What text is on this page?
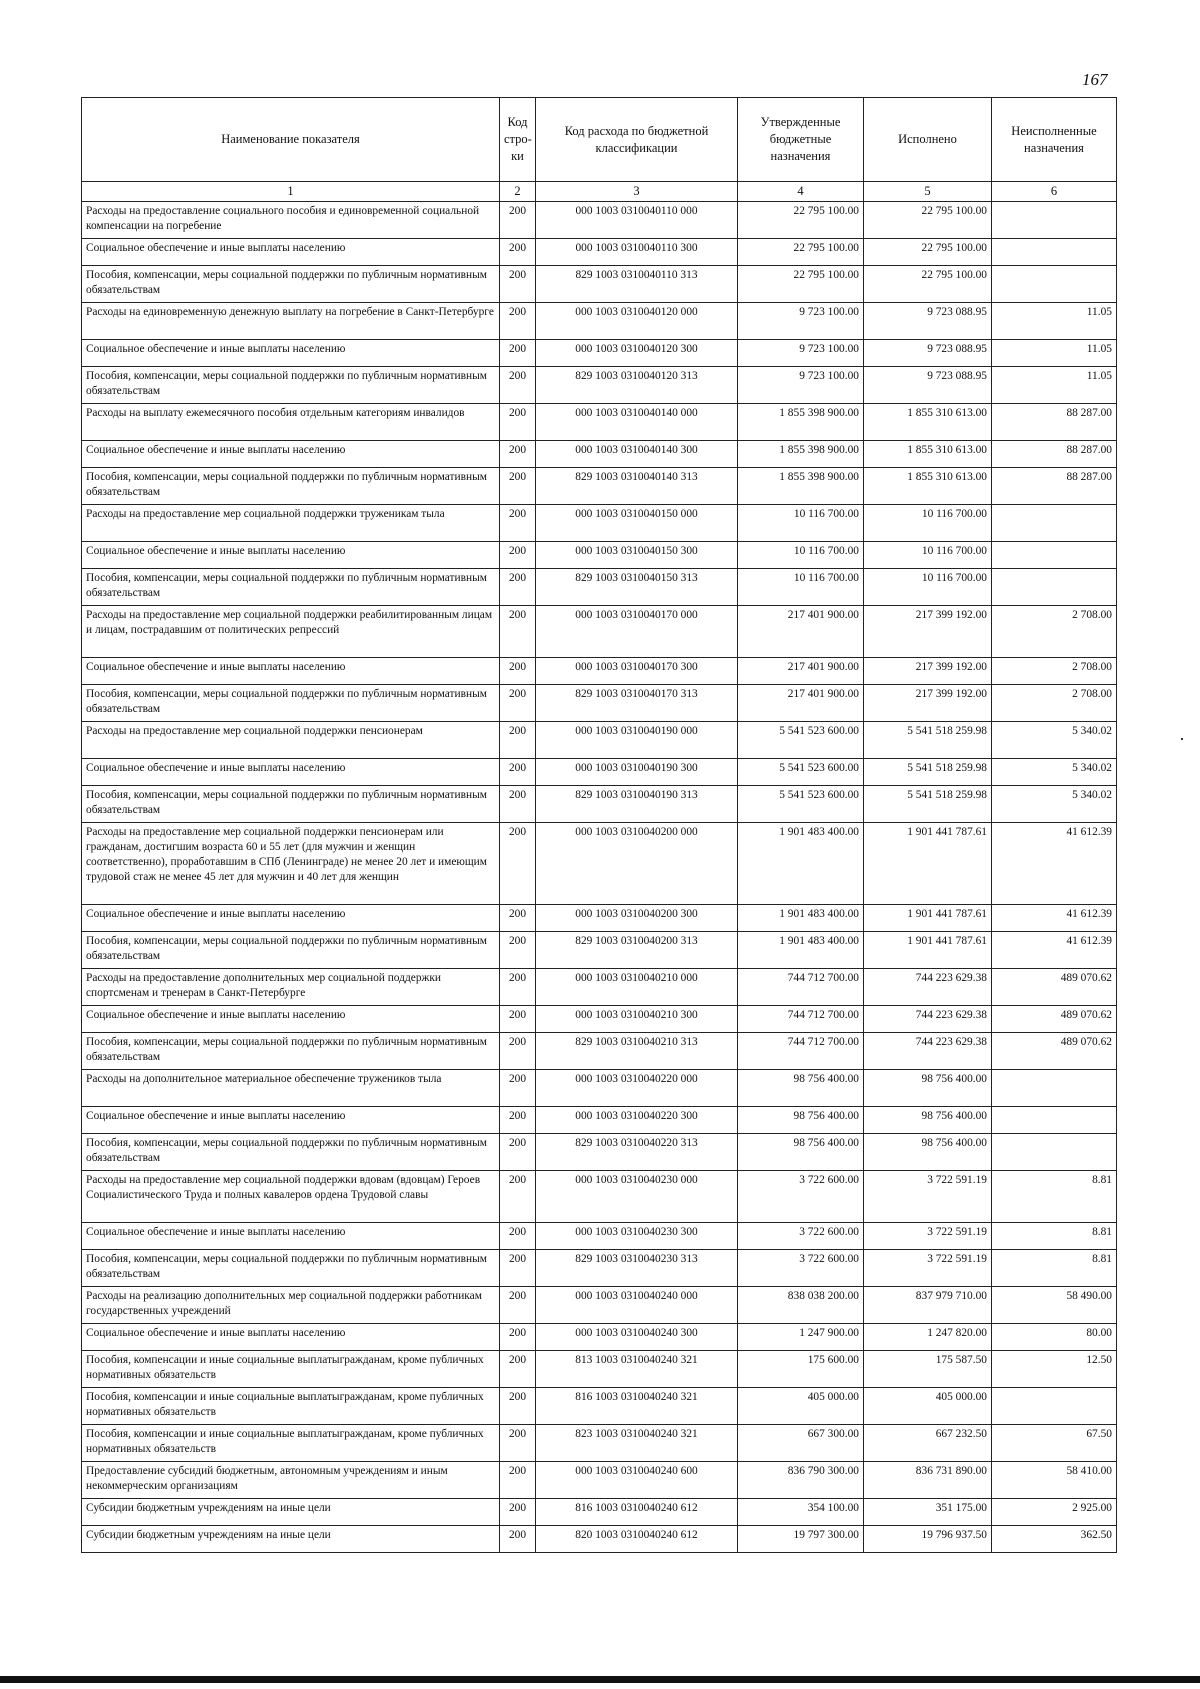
167
Наименование показателя	Код стро-ки	Код расхода по бюджетной классификации	Утвержденные бюджетные назначения	Исполнено	Неисполненные назначения
1	2	3	4	5	6
Расходы на предоставление социального пособия и единовременной социальной компенсации на погребение	200	000 1003 0310040110 000	22 795 100.00	22 795 100.00	
Социальное обеспечение и иные выплаты населению	200	000 1003 0310040110 300	22 795 100.00	22 795 100.00	
Пособия, компенсации, меры социальной поддержки по публичным нормативным обязательствам	200	829 1003 0310040110 313	22 795 100.00	22 795 100.00	
Расходы на единовременную денежную выплату на погребение в Санкт-Петербурге	200	000 1003 0310040120 000	9 723 100.00	9 723 088.95	11.05
Социальное обеспечение и иные выплаты населению	200	000 1003 0310040120 300	9 723 100.00	9 723 088.95	11.05
Пособия, компенсации, меры социальной поддержки по публичным нормативным обязательствам	200	829 1003 0310040120 313	9 723 100.00	9 723 088.95	11.05
Расходы на выплату ежемесячного пособия отдельным категориям инвалидов	200	000 1003 0310040140 000	1 855 398 900.00	1 855 310 613.00	88 287.00
Социальное обеспечение и иные выплаты населению	200	000 1003 0310040140 300	1 855 398 900.00	1 855 310 613.00	88 287.00
Пособия, компенсации, меры социальной поддержки по публичным нормативным обязательствам	200	829 1003 0310040140 313	1 855 398 900.00	1 855 310 613.00	88 287.00
Расходы на предоставление мер социальной поддержки труженикам тыла	200	000 1003 0310040150 000	10 116 700.00	10 116 700.00	
Социальное обеспечение и иные выплаты населению	200	000 1003 0310040150 300	10 116 700.00	10 116 700.00	
Пособия, компенсации, меры социальной поддержки по публичным нормативным обязательствам	200	829 1003 0310040150 313	10 116 700.00	10 116 700.00	
Расходы на предоставление мер социальной поддержки реабилитированным лицам и лицам, пострадавшим от политических репрессий	200	000 1003 0310040170 000	217 401 900.00	217 399 192.00	2 708.00
Социальное обеспечение и иные выплаты населению	200	000 1003 0310040170 300	217 401 900.00	217 399 192.00	2 708.00
Пособия, компенсации, меры социальной поддержки по публичным нормативным обязательствам	200	829 1003 0310040170 313	217 401 900.00	217 399 192.00	2 708.00
Расходы на предоставление мер социальной поддержки пенсионерам	200	000 1003 0310040190 000	5 541 523 600.00	5 541 518 259.98	5 340.02
Социальное обеспечение и иные выплаты населению	200	000 1003 0310040190 300	5 541 523 600.00	5 541 518 259.98	5 340.02
Пособия, компенсации, меры социальной поддержки по публичным нормативным обязательствам	200	829 1003 0310040190 313	5 541 523 600.00	5 541 518 259.98	5 340.02
Расходы на предоставление мер социальной поддержки пенсионерам или гражданам, достигшим возраста 60 и 55 лет (для мужчин и женщин соответственно), проработавшим в СПб (Ленинграде) не менее 20 лет и имеющим трудовой стаж не менее 45 лет для мужчин и 40 лет для женщин	200	000 1003 0310040200 000	1 901 483 400.00	1 901 441 787.61	41 612.39
Социальное обеспечение и иные выплаты населению	200	000 1003 0310040200 300	1 901 483 400.00	1 901 441 787.61	41 612.39
Пособия, компенсации, меры социальной поддержки по публичным нормативным обязательствам	200	829 1003 0310040200 313	1 901 483 400.00	1 901 441 787.61	41 612.39
Расходы на предоставление дополнительных мер социальной поддержки спортсменам и тренерам в Санкт-Петербурге	200	000 1003 0310040210 000	744 712 700.00	744 223 629.38	489 070.62
Социальное обеспечение и иные выплаты населению	200	000 1003 0310040210 300	744 712 700.00	744 223 629.38	489 070.62
Пособия, компенсации, меры социальной поддержки по публичным нормативным обязательствам	200	829 1003 0310040210 313	744 712 700.00	744 223 629.38	489 070.62
Расходы на дополнительное материальное обеспечение тружеников тыла	200	000 1003 0310040220 000	98 756 400.00	98 756 400.00	
Социальное обеспечение и иные выплаты населению	200	000 1003 0310040220 300	98 756 400.00	98 756 400.00	
Пособия, компенсации, меры социальной поддержки по публичным нормативным обязательствам	200	829 1003 0310040220 313	98 756 400.00	98 756 400.00	
Расходы на предоставление мер социальной поддержки вдовам (вдовцам) Героев Социалистического Труда и полных кавалеров ордена Трудовой славы	200	000 1003 0310040230 000	3 722 600.00	3 722 591.19	8.81
Социальное обеспечение и иные выплаты населению	200	000 1003 0310040230 300	3 722 600.00	3 722 591.19	8.81
Пособия, компенсации, меры социальной поддержки по публичным нормативным обязательствам	200	829 1003 0310040230 313	3 722 600.00	3 722 591.19	8.81
Расходы на реализацию дополнительных мер социальной поддержки работникам государственных учреждений	200	000 1003 0310040240 000	838 038 200.00	837 979 710.00	58 490.00
Социальное обеспечение и иные выплаты населению	200	000 1003 0310040240 300	1 247 900.00	1 247 820.00	80.00
Пособия, компенсации и иные социальные выплатыгражданам, кроме публичных нормативных обязательств	200	813 1003 0310040240 321	175 600.00	175 587.50	12.50
Пособия, компенсации и иные социальные выплатыгражданам, кроме публичных нормативных обязательств	200	816 1003 0310040240 321	405 000.00	405 000.00	
Пособия, компенсации и иные социальные выплатыгражданам, кроме публичных нормативных обязательств	200	823 1003 0310040240 321	667 300.00	667 232.50	67.50
Предоставление субсидий бюджетным, автономным учреждениям и иным некоммерческим организациям	200	000 1003 0310040240 600	836 790 300.00	836 731 890.00	58 410.00
Субсидии бюджетным учреждениям на иные цели	200	816 1003 0310040240 612	354 100.00	351 175.00	2 925.00
Субсидии бюджетным учреждениям на иные цели	200	820 1003 0310040240 612	19 797 300.00	19 796 937.50	362.50
